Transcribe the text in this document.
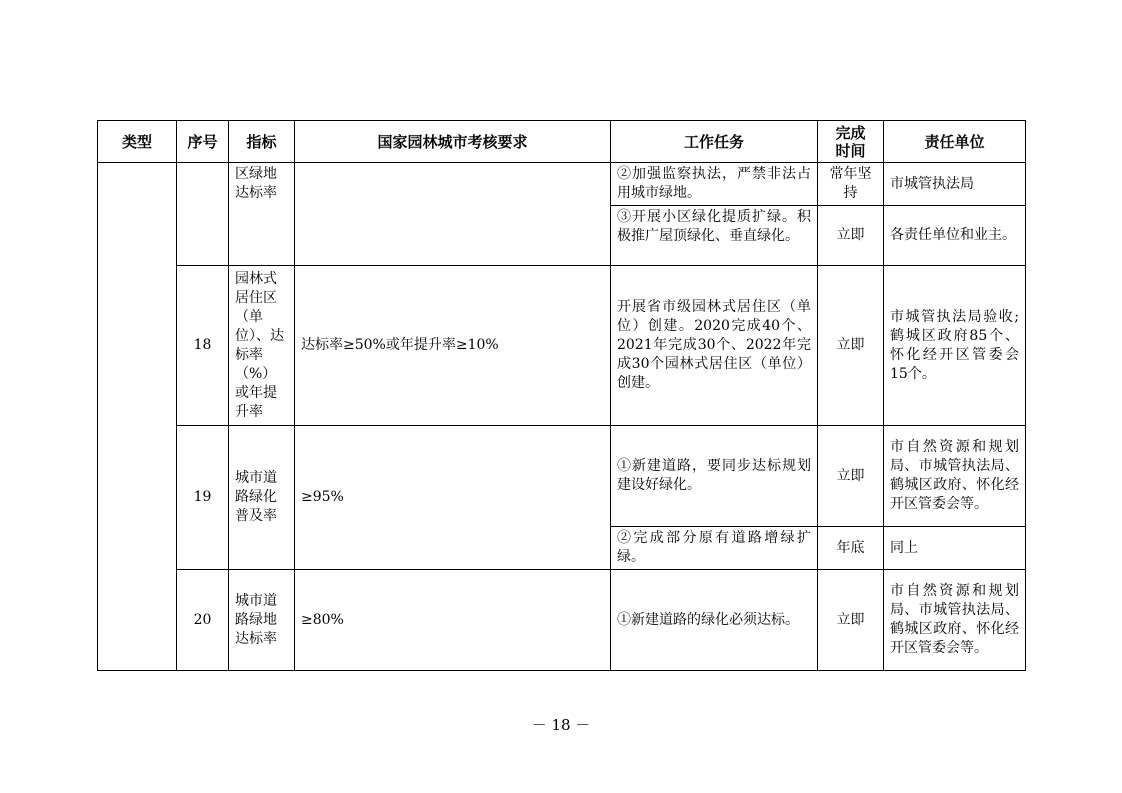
类型	序号	指标	国家园林城市考核要求	工作任务	完成时间	责任单位
		区绿地达标率		②加强监察执法，严禁非法占用城市绿地。	常年坚持	市城管执法局
				③开展小区绿化提质扩绿。积极推广屋顶绿化、垂直绿化。	立即	各责任单位和业主。
	18	园林式居住区（单位）、达标率（%）或年提升率	达标率≥50%或年提升率≥10%	开展省市级园林式居住区（单位）创建。2020完成40个、2021年完成30个、2022年完成30个园林式居住区（单位）创建。	立即	市城管执法局验收;鹤城区政府85个、怀化经开区管委会15个。
	19	城市道路绿化普及率	≥95%	①新建道路，要同步达标规划建设好绿化。	立即	市自然资源和规划局、市城管执法局、鹤城区政府、怀化经开区管委会等。
				②完成部分原有道路增绿扩绿。	年底	同上
	20	城市道路绿地达标率	≥80%	①新建道路的绿化必须达标。	立即	市自然资源和规划局、市城管执法局、鹤城区政府、怀化经开区管委会等。
－ 18 －
